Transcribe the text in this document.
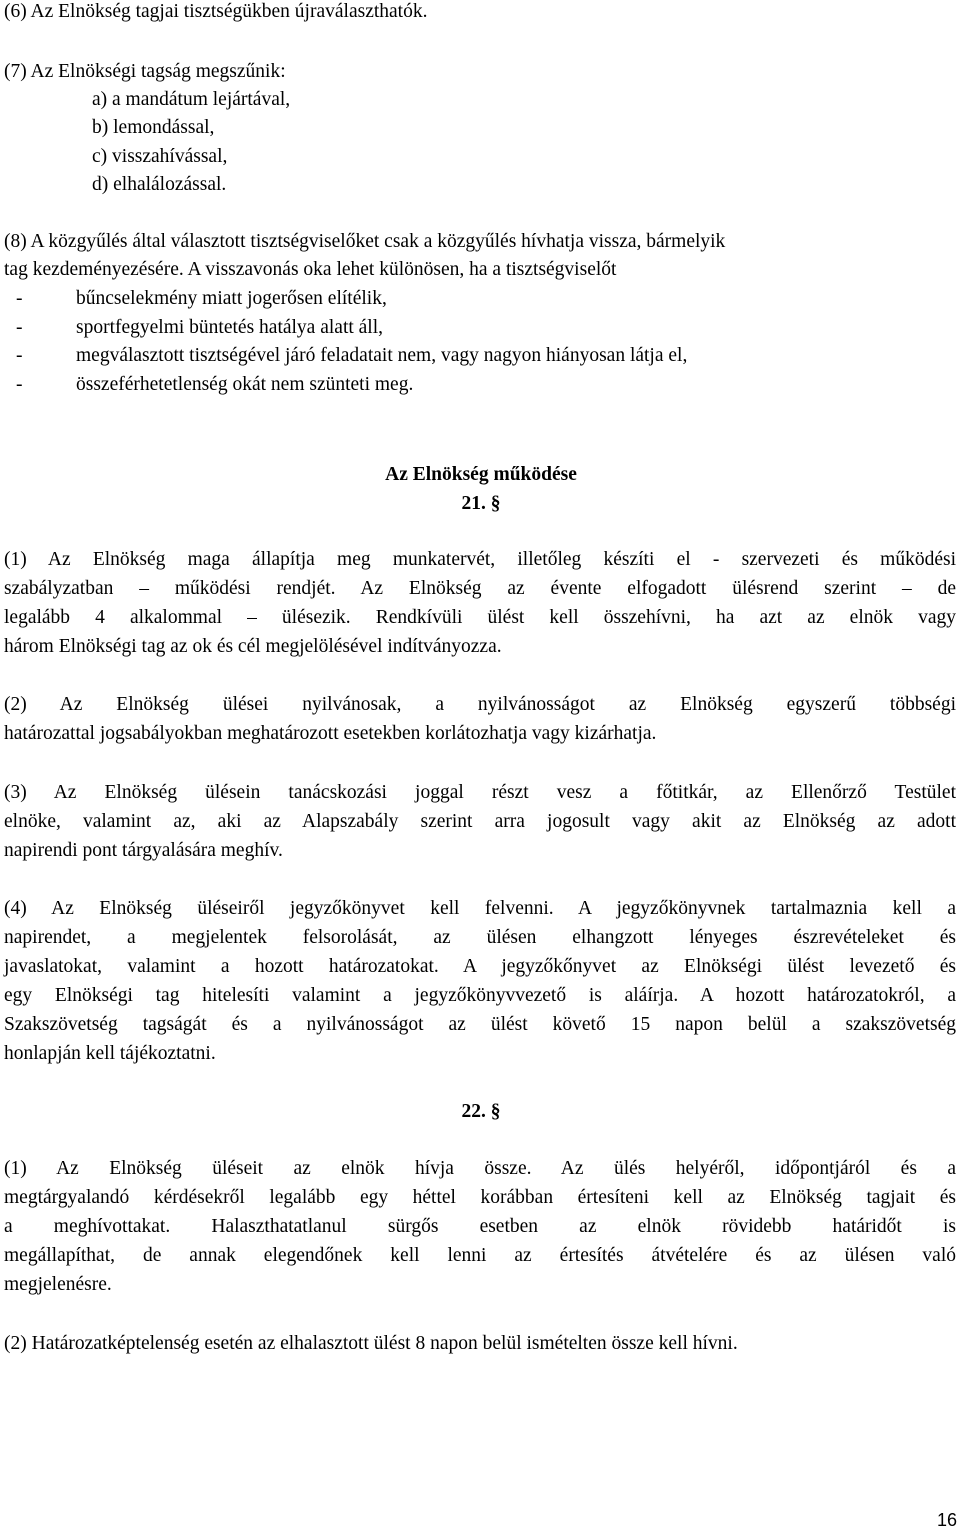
(6) Az Elnökség tagjai tisztségükben újraválaszthatók.
(7) Az Elnökségi tagság megszűnik:
a) a mandátum lejártával,
b) lemondással,
c) visszahívással,
d) elhalálozással.
(8) A közgyűlés által választott tisztségviselőket csak a közgyűlés hívhatja vissza, bármelyik
tag kezdeményezésére. A visszavonás oka lehet különösen, ha a tisztségviselőt
-	bűncselekmény miatt jogerősen elítélik,
-	sportfegyelmi büntetés hatálya alatt áll,
-	megválasztott tisztségével járó feladatait nem, vagy nagyon hiányosan látja el,
-	összeférhetetlenség okát nem szünteti meg.
Az Elnökség működése
21. §
(1) Az Elnökség maga állapítja meg munkatervét, illetőleg készíti el - szervezeti és működési
szabályzatban – működési rendjét. Az Elnökség az évente elfogadott ülésrend szerint – de
legalább 4 alkalommal – ülésezik. Rendkívüli ülést kell összehívni, ha azt az elnök vagy
három Elnökségi tag az ok és cél megjelölésével indítványozza.
(2) Az Elnökség ülései nyilvánosak, a nyilvánosságot az Elnökség egyszerű többségi
határozattal jogsabályokban meghatározott esetekben korlátozhatja vagy kizárhatja.
(3) Az Elnökség ülésein tanácskozási joggal részt vesz a főtitkár, az Ellenőrző Testület
elnöke, valamint az, aki az Alapszabály szerint arra jogosult vagy akit az Elnökség az adott
napirendi pont tárgyalására meghív.
(4) Az Elnökség üléseiről jegyzőkönyvet kell felvenni. A jegyzőkönyvnek tartalmaznia kell a
napirendet, a megjelentek felsorolását, az ülésen elhangzott lényeges észrevételeket és
javaslatokat, valamint a hozott határozatokat. A jegyzőkőnyvet az Elnökségi ülést levezető és
egy Elnökségi tag hitelesíti valamint a jegyzőkönyvvezető is aláírja. A hozott határozatokról, a
Szakszövetség tagságát és a nyilvánosságot az ülést követő 15 napon belül a szakszövetség
honlapján kell tájékoztatni.
22. §
(1) Az Elnökség üléseit az elnök hívja össze. Az ülés helyéről, időpontjáról és a
megtárgyalandó kérdésekről legalább egy héttel korábban értesíteni kell az Elnökség tagjait és
a meghívottakat. Halaszthatatlanul sürgős esetben az elnök rövidebb határidőt is
megállapíthat, de annak elegendőnek kell lenni az értesítés átvételére és az ülésen való
megjelenésre.
(2) Határozatképtelenség esetén az elhalasztott ülést 8 napon belül ismételten össze kell hívni.
16
